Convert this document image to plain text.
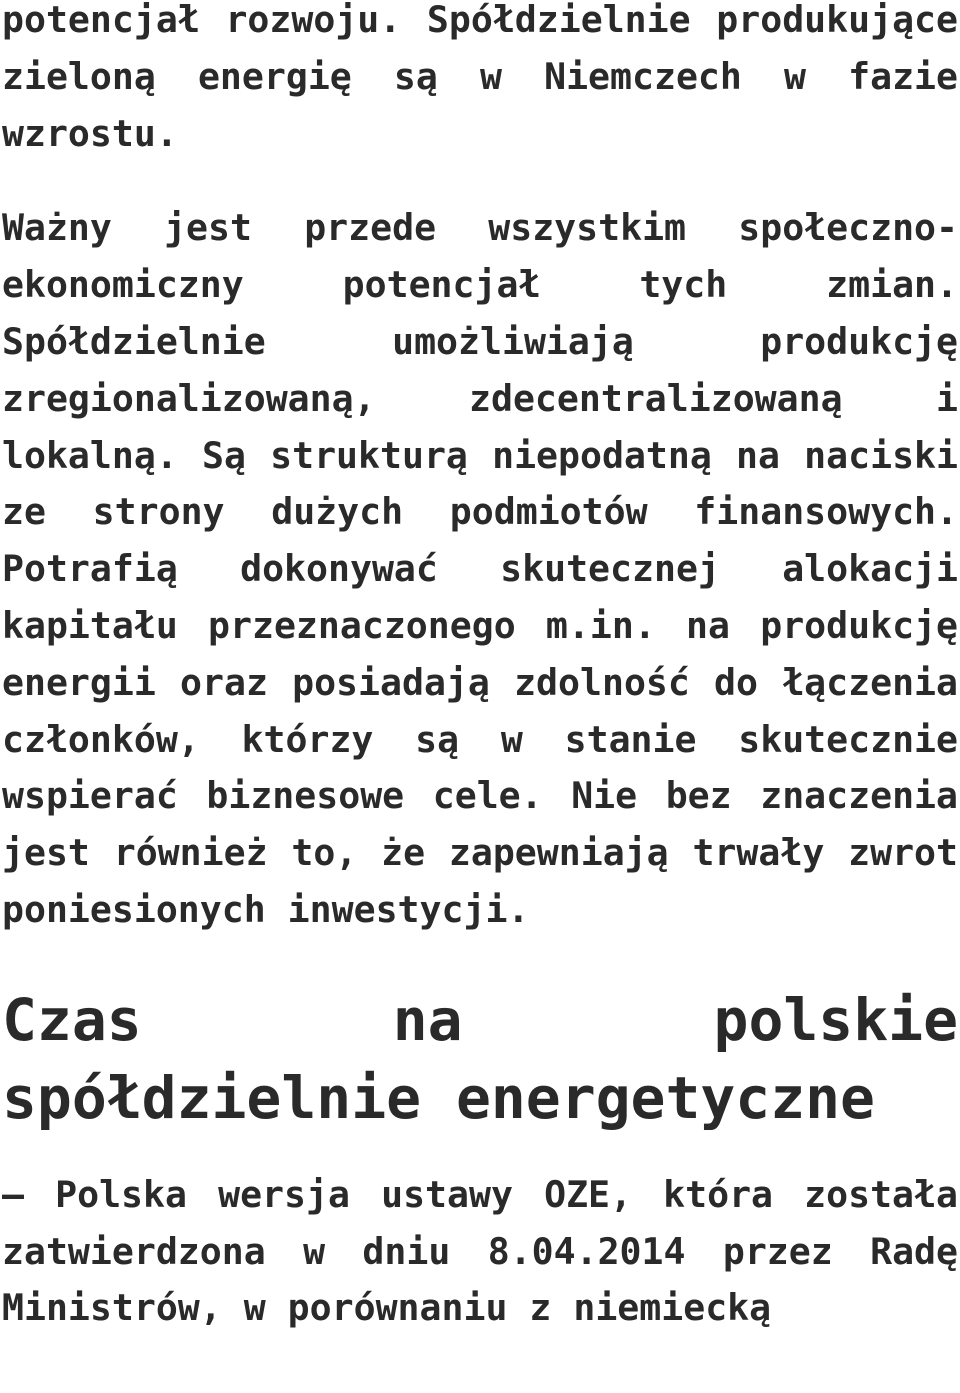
potencjał rozwoju. Spółdzielnie produkujące zieloną energię są w Niemczech w fazie wzrostu.

Ważny jest przede wszystkim społeczno-ekonomiczny potencjał tych zmian. Spółdzielnie umożliwiają produkcję zregionalizowaną, zdecentralizowaną i lokalną. Są strukturą niepodatną na naciski ze strony dużych podmiotów finansowych. Potrafią dokonywać skutecznej alokacji kapitału przeznaczonego m.in. na produkcję energii oraz posiadają zdolność do łączenia członków, którzy są w stanie skutecznie wspierać biznesowe cele. Nie bez znaczenia jest również to, że zapewniają trwały zwrot poniesionych inwestycji.

Czas na polskie spółdzielnie energetyczne

– Polska wersja ustawy OZE, która została zatwierdzona w dniu 8.04.2014 przez Radę Ministrów, w porównaniu z niemiecką
